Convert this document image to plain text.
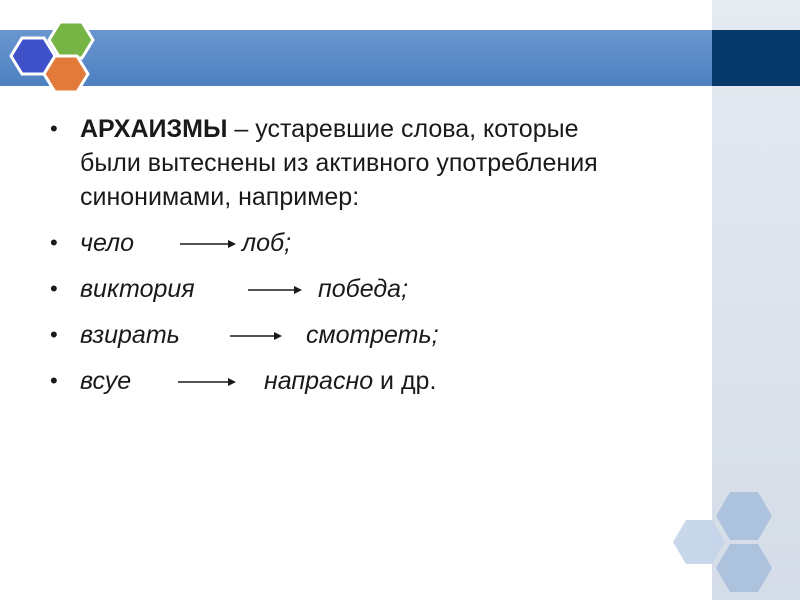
• АРХАИЗМЫ – устаревшие слова, которые
были вытеснены из активного употребления
синонимами, например:
• чело	лоб;
• виктория	победа;
• взирать	смотреть;
• всуе	напрасно и др.
